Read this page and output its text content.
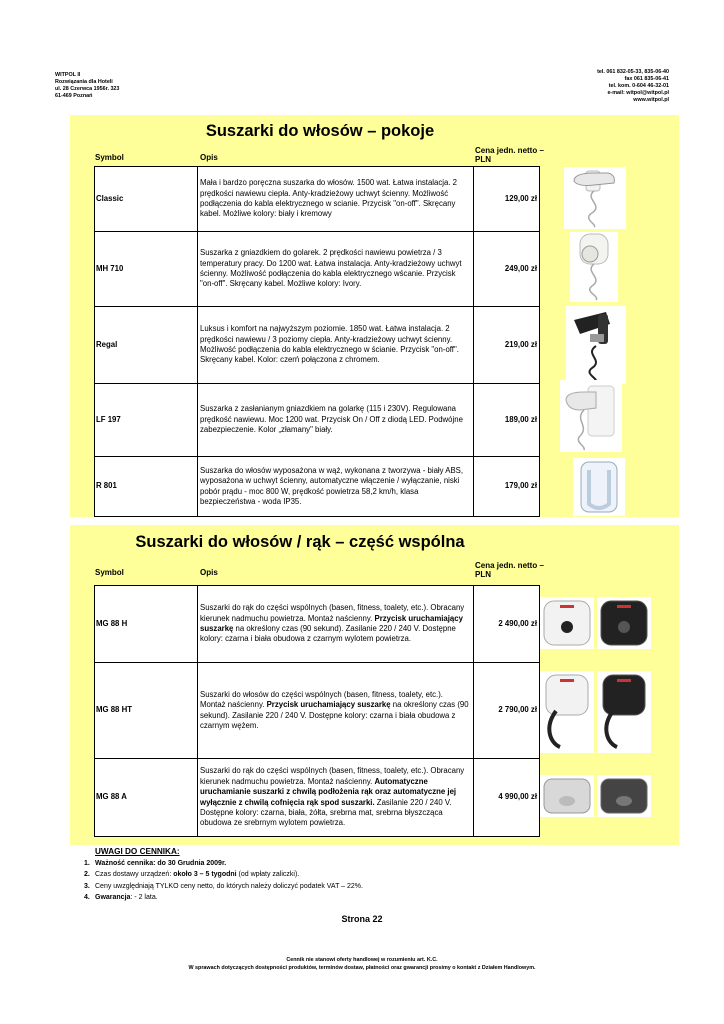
WITPOL II
Rozwiązania dla Hoteli
ul. 28 Czerwca 1956r. 323
61-469 Poznań
tel. 061 832-05-33, 835-06-40
fax 061 835-06-41
tel. kom. 0-604 46-32-01
e-mail: witpol@witpol.pl
www.witpol.pl
Suszarki do włosów – pokoje
Symbol	Opis
Cena jedn. netto – PLN
Classic	Mała i bardzo poręczna suszarka do włosów. 1500 wat. Łatwa instalacja. 2 prędkości nawiewu ciepła. Anty-kradzieżowy uchwyt ścienny. Możliwość podłączenia do kabla elektrycznego w scianie. Przycisk "on-off". Skręcany kabel. Możliwe kolory: biały i kremowy	129,00 zł
MH 710	Suszarka z gniazdkiem do golarek. 2 prędkości nawiewu powietrza / 3 temperatury pracy. Do 1200 wat. Łatwa instalacja. Anty-kradzieżowy uchwyt ścienny. Możliwość podłączenia do kabla elektrycznego wścanie. Przycisk "on-off". Skręcany kabel. Możliwe kolory: Ivory.	249,00 zł
Regal	Luksus i komfort na najwyższym poziomie. 1850 wat. Łatwa instalacja. 2 prędkości nawiewu / 3 poziomy ciepła. Anty-kradzieżowy uchwyt ścienny. Możliwość podłączenia do kabla elektrycznego w ścianie. Przycisk "on-off". Skręcany kabel. Kolor: czerń połączona z chromem.	219,00 zł
LF 197	Suszarka z zasłanianym gniazdkiem na golarkę (115 i 230V). Regulowana prędkość nawiewu. Moc 1200 wat. Przycisk On / Off z diodą LED. Podwójne zabezpieczenie. Kolor „złamany" biały.	189,00 zł
R 801	Suszarka do włosów wyposażona w wąż, wykonana z tworzywa - biały ABS, wyposażona w uchwyt ścienny, automatyczne włączenie / wyłączanie, niski pobór prądu - moc 800 W, prędkość powietrza 58,2 km/h, klasa bezpieczeństwa - woda IP35.	179,00 zł
Suszarki do włosów / rąk – część wspólna
Symbol	Opis
Cena jedn. netto – PLN
MG 88 H	Suszarki do rąk do części wspólnych (basen, fitness, toalety, etc.). Obracany kierunek nadmuchu powietrza. Montaż naścienny. Przycisk uruchamiający suszarkę na określony czas (90 sekund). Zasilanie 220 / 240 V. Dostępne kolory: czarna i biała obudowa z czarnym wylotem powietrza.	2 490,00 zł
MG 88 HT	Suszarki do włosów do części wspólnych (basen, fitness, toalety, etc.). Montaż naścienny. Przycisk uruchamiający suszarkę na określony czas (90 sekund). Zasilanie 220 / 240 V. Dostępne kolory: czarna i biała obudowa z czarnym wężem.	2 790,00 zł
MG 88 A	Suszarki do rąk do części wspólnych (basen, fitness, toalety, etc.). Obracany kierunek nadmuchu powietrza. Montaż naścienny. Automatyczne uruchamianie suszarki z chwilą podłożenia rąk oraz automatyczne jej wyłącznie z chwilą cofnięcia rąk spod suszarki. Zasilanie 220 / 240 V. Dostępne kolory: czarna, biała, żółta, srebrna mat, srebrna błyszcząca obudowa ze srebrnym wylotem powietrza.	4 990,00 zł
UWAGI DO CENNIKA:
1. Ważność cennika: do 30 Grudnia 2009r.
2. Czas dostawy urządzeń: około 3 – 5 tygodni (od wpłaty zaliczki).
3. Ceny uwzględniają TYLKO ceny netto, do których należy doliczyć podatek VAT – 22%.
4. Gwarancja: - 2 lata.
Strona 22
Cennik nie stanowi oferty handlowej w rozumieniu art. K.C.
W sprawach dotyczących dostępności produktów, terminów dostaw, płatności oraz gwarancji prosimy o kontakt z Działem Handlowym.
